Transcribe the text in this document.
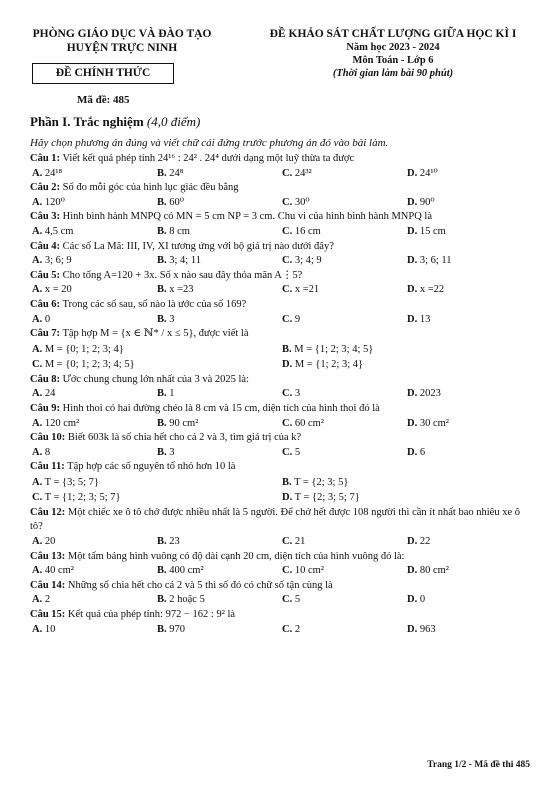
PHÒNG GIÁO DỤC VÀ ĐÀO TẠO
HUYỆN TRỰC NINH
ĐỀ CHÍNH THỨC
Mã đề: 485
ĐỀ KHẢO SÁT CHẤT LƯỢNG GIỮA HỌC KÌ I
Năm học 2023 - 2024
Môn Toán - Lớp 6
(Thời gian làm bài 90 phút)
Phần I. Trắc nghiệm (4,0 điểm)
Hãy chọn phương án đúng và viết chữ cái đứng trước phương án đó vào bài làm.
Câu 1: Viết kết quả phép tính 24¹⁶ : 24² . 24⁴ dưới dạng một luỹ thừa ta được
A. 24¹⁸	B. 24⁸	C. 24³²	D. 24¹⁰
Câu 2: Số đo mỗi góc của hình lục giác đều bằng
A. 120⁰	B. 60⁰	C. 30⁰	D. 90⁰
Câu 3: Hình bình hành MNPQ có MN = 5 cm NP = 3 cm. Chu vi của hình bình hành MNPQ là
A. 4,5 cm	B. 8 cm	C. 16 cm	D. 15 cm
Câu 4: Các số La Mã: III, IV, XI tương ứng với bộ giá trị nào dưới đây?
A. 3; 6; 9	B. 3; 4; 11	C. 3; 4; 9	D. 3; 6; 11
Câu 5: Cho tổng A=120 + 3x. Số x nào sau đây thỏa mãn A⋮5?
A. x = 20	B. x =23	C. x =21	D. x =22
Câu 6: Trong các số sau, số nào là ước của số 169?
A. 0	B. 3	C. 9	D. 13
Câu 7: Tập hợp M = {x ∈ ℕ* / x ≤ 5}, được viết là
A. M = {0; 1; 2; 3; 4}	B. M = {1; 2; 3; 4; 5}
C. M = {0; 1; 2; 3; 4; 5}	D. M = {1; 2; 3; 4}
Câu 8: Ước chung chung lớn nhất của 3 và 2025 là:
A. 24	B. 1	C. 3	D. 2023
Câu 9: Hình thoi có hai đường chéo là 8 cm và 15 cm, diện tích của hình thoi đó là
A. 120 cm²	B. 90 cm²	C. 60 cm²	D. 30 cm²
Câu 10: Biết 603k là số chia hết cho cả 2 và 3, tìm giá trị của k?
A. 8	B. 3	C. 5	D. 6
Câu 11: Tập hợp các số nguyên tố nhỏ hơn 10 là
A. T = {3; 5; 7}	B. T = {2; 3; 5}
C. T = {1; 2; 3; 5; 7}	D. T = {2; 3; 5; 7}
Câu 12: Một chiếc xe ô tô chở được nhiều nhất là 5 người. Để chở hết được 108 người thì cần ít nhất bao nhiêu xe ô tô?
A. 20	B. 23	C. 21	D. 22
Câu 13: Một tấm bảng hình vuông có độ dài cạnh 20 cm, diện tích của hình vuông đó là:
A. 40 cm²	B. 400 cm²	C. 10 cm²	D. 80 cm²
Câu 14: Những số chia hết cho cả 2 và 5 thì số đó có chữ số tận cùng là
A. 2	B. 2 hoặc 5	C. 5	D. 0
Câu 15: Kết quả của phép tính: 972 − 162 : 9² là
A. 10	B. 970	C. 2	D. 963
Trang 1/2 - Mã đề thi 485
